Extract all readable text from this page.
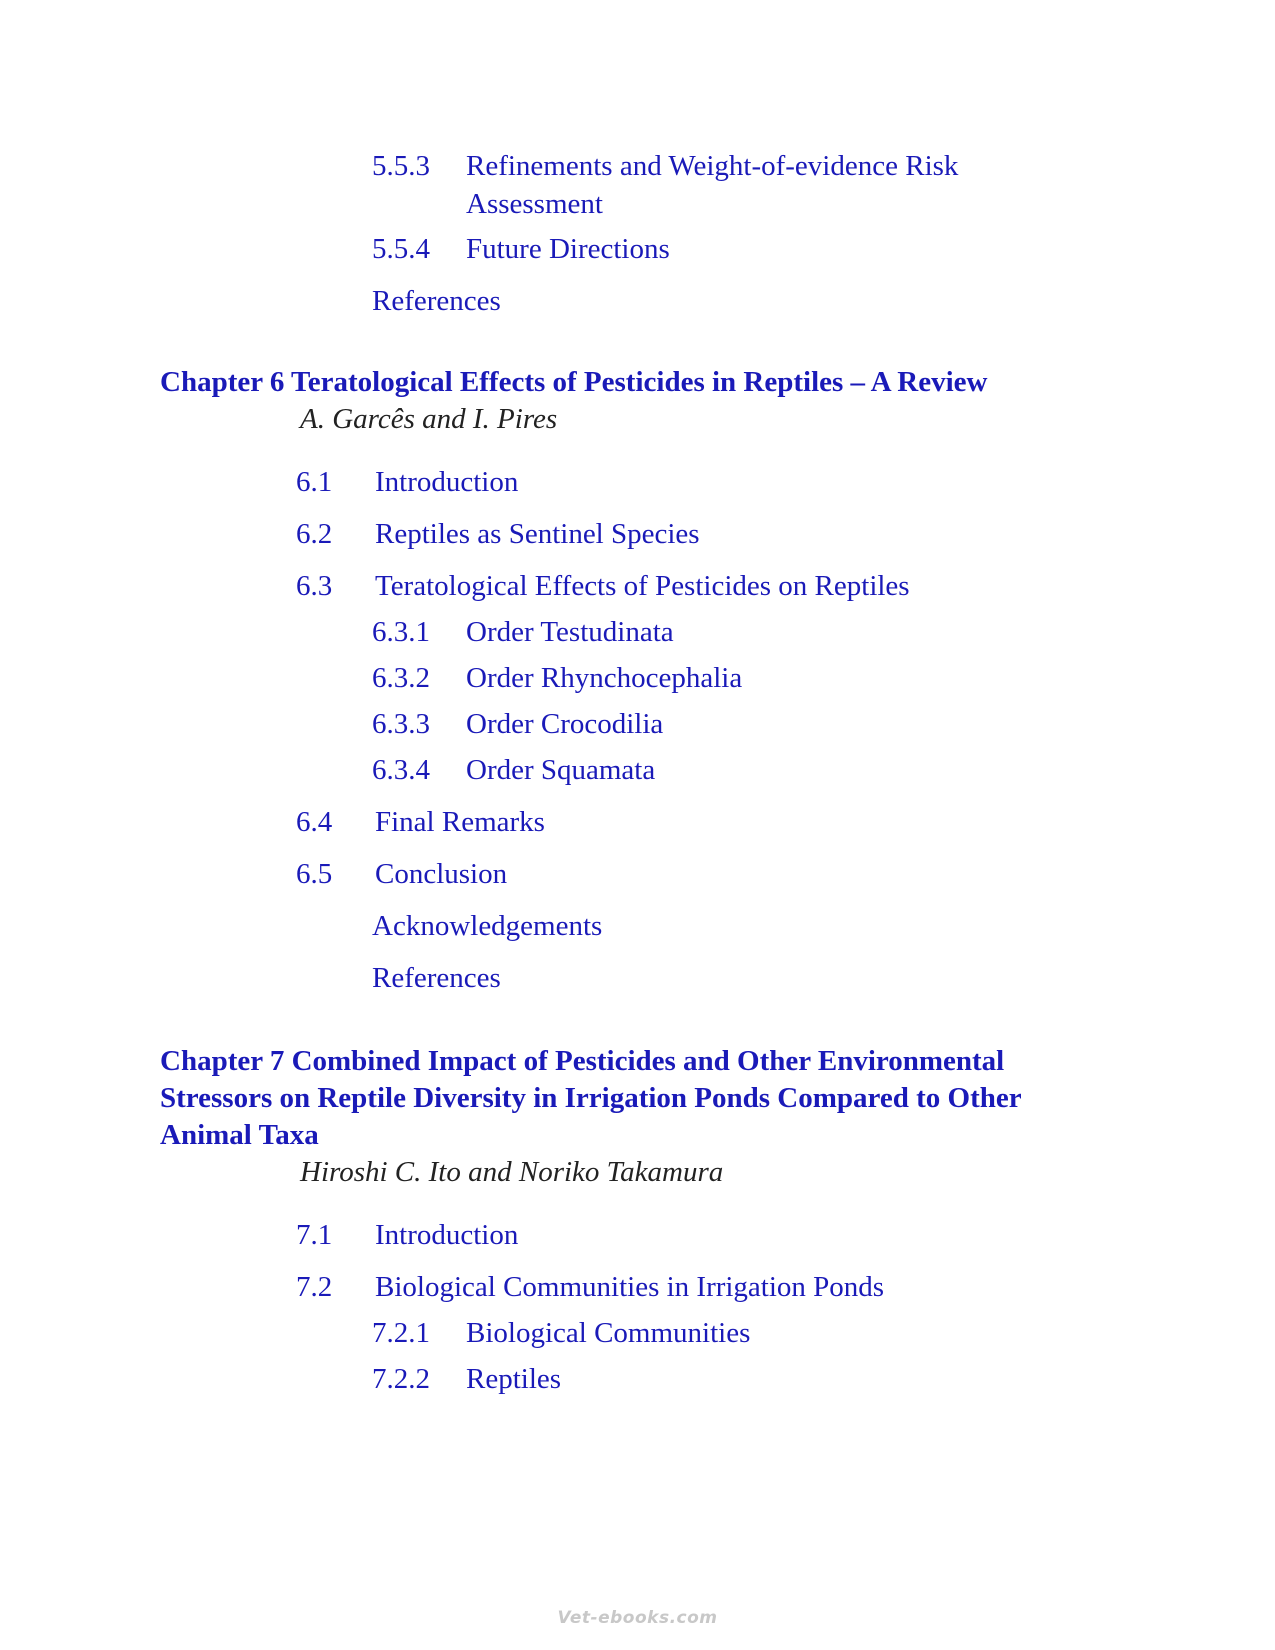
5.5.3 Refinements and Weight-of-evidence Risk
Assessment
5.5.4 Future Directions
References
Chapter 6 Teratological Effects of Pesticides in Reptiles – A Review
A. Garcês and I. Pires
6.1 Introduction
6.2 Reptiles as Sentinel Species
6.3 Teratological Effects of Pesticides on Reptiles
6.3.1 Order Testudinata
6.3.2 Order Rhynchocephalia
6.3.3 Order Crocodilia
6.3.4 Order Squamata
6.4 Final Remarks
6.5 Conclusion
Acknowledgements
References
Chapter 7 Combined Impact of Pesticides and Other Environmental
Stressors on Reptile Diversity in Irrigation Ponds Compared to Other
Animal Taxa
Hiroshi C. Ito and Noriko Takamura
7.1 Introduction
7.2 Biological Communities in Irrigation Ponds
7.2.1 Biological Communities
7.2.2 Reptiles
Vet-ebooks.com
